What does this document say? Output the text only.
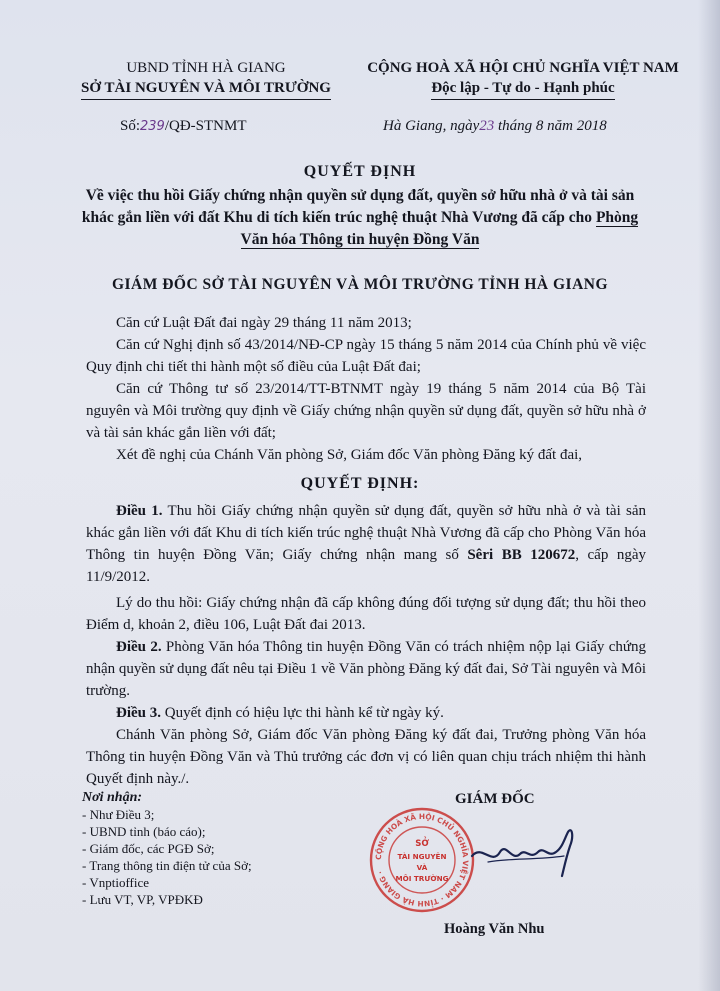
UBND TỈNH HÀ GIANG
SỞ TÀI NGUYÊN VÀ MÔI TRƯỜNG
CỘNG HOÀ XÃ HỘI CHỦ NGHĨA VIỆT NAM
Độc lập - Tự do - Hạnh phúc
Số:239/QĐ-STNMT	Hà Giang, ngày23 tháng 8 năm 2018
QUYẾT ĐỊNH
Về việc thu hồi Giấy chứng nhận quyền sử dụng đất, quyền sở hữu nhà ở và tài sản khác gắn liền với đất Khu di tích kiến trúc nghệ thuật Nhà Vương đã cấp cho Phòng Văn hóa Thông tin huyện Đồng Văn
GIÁM ĐỐC SỞ TÀI NGUYÊN VÀ MÔI TRƯỜNG TỈNH HÀ GIANG

Căn cứ Luật Đất đai ngày 29 tháng 11 năm 2013;

Căn cứ Nghị định số 43/2014/NĐ-CP ngày 15 tháng 5 năm 2014 của Chính phủ về việc Quy định chi tiết thi hành một số điều của Luật Đất đai;

Căn cứ Thông tư số 23/2014/TT-BTNMT ngày 19 tháng 5 năm 2014 của Bộ Tài nguyên và Môi trường quy định về Giấy chứng nhận quyền sử dụng đất, quyền sở hữu nhà ở và tài sản khác gắn liền với đất;

Xét đề nghị của Chánh Văn phòng Sở, Giám đốc Văn phòng Đăng ký đất đai,

QUYẾT ĐỊNH:

Điều 1. Thu hồi Giấy chứng nhận quyền sử dụng đất, quyền sở hữu nhà ở và tài sản khác gắn liền với đất Khu di tích kiến trúc nghệ thuật Nhà Vương đã cấp cho Phòng Văn hóa Thông tin huyện Đồng Văn; Giấy chứng nhận mang số Sêri BB 120672, cấp ngày 11/9/2012.

Lý do thu hồi: Giấy chứng nhận đã cấp không đúng đối tượng sử dụng đất; thu hồi theo Điểm d, khoản 2, điều 106, Luật Đất đai 2013.

Điều 2. Phòng Văn hóa Thông tin huyện Đồng Văn có trách nhiệm nộp lại Giấy chứng nhận quyền sử dụng đất nêu tại Điều 1 về Văn phòng Đăng ký đất đai, Sở Tài nguyên và Môi trường.

Điều 3. Quyết định có hiệu lực thi hành kể từ ngày ký.

Chánh Văn phòng Sở, Giám đốc Văn phòng Đăng ký đất đai, Trưởng phòng Văn hóa Thông tin huyện Đồng Văn và Thủ trưởng các đơn vị có liên quan chịu trách nhiệm thi hành Quyết định này./.

Nơi nhận:
- Như Điều 3;
- UBND tỉnh (báo cáo);
- Giám đốc, các PGĐ Sở;
- Trang thông tin điện tử của Sở;
- Vnptioffice
- Lưu VT, VP, VPĐKĐ
GIÁM ĐỐC
CỘNG HOÀ XÃ HỘI CHỦ NGHĨA VIỆT NAM · TỈNH HÀ GIANG ·
SỞ
TÀI NGUYÊN
VÀ
MÔI TRƯỜNG
Hoàng Văn Nhu
